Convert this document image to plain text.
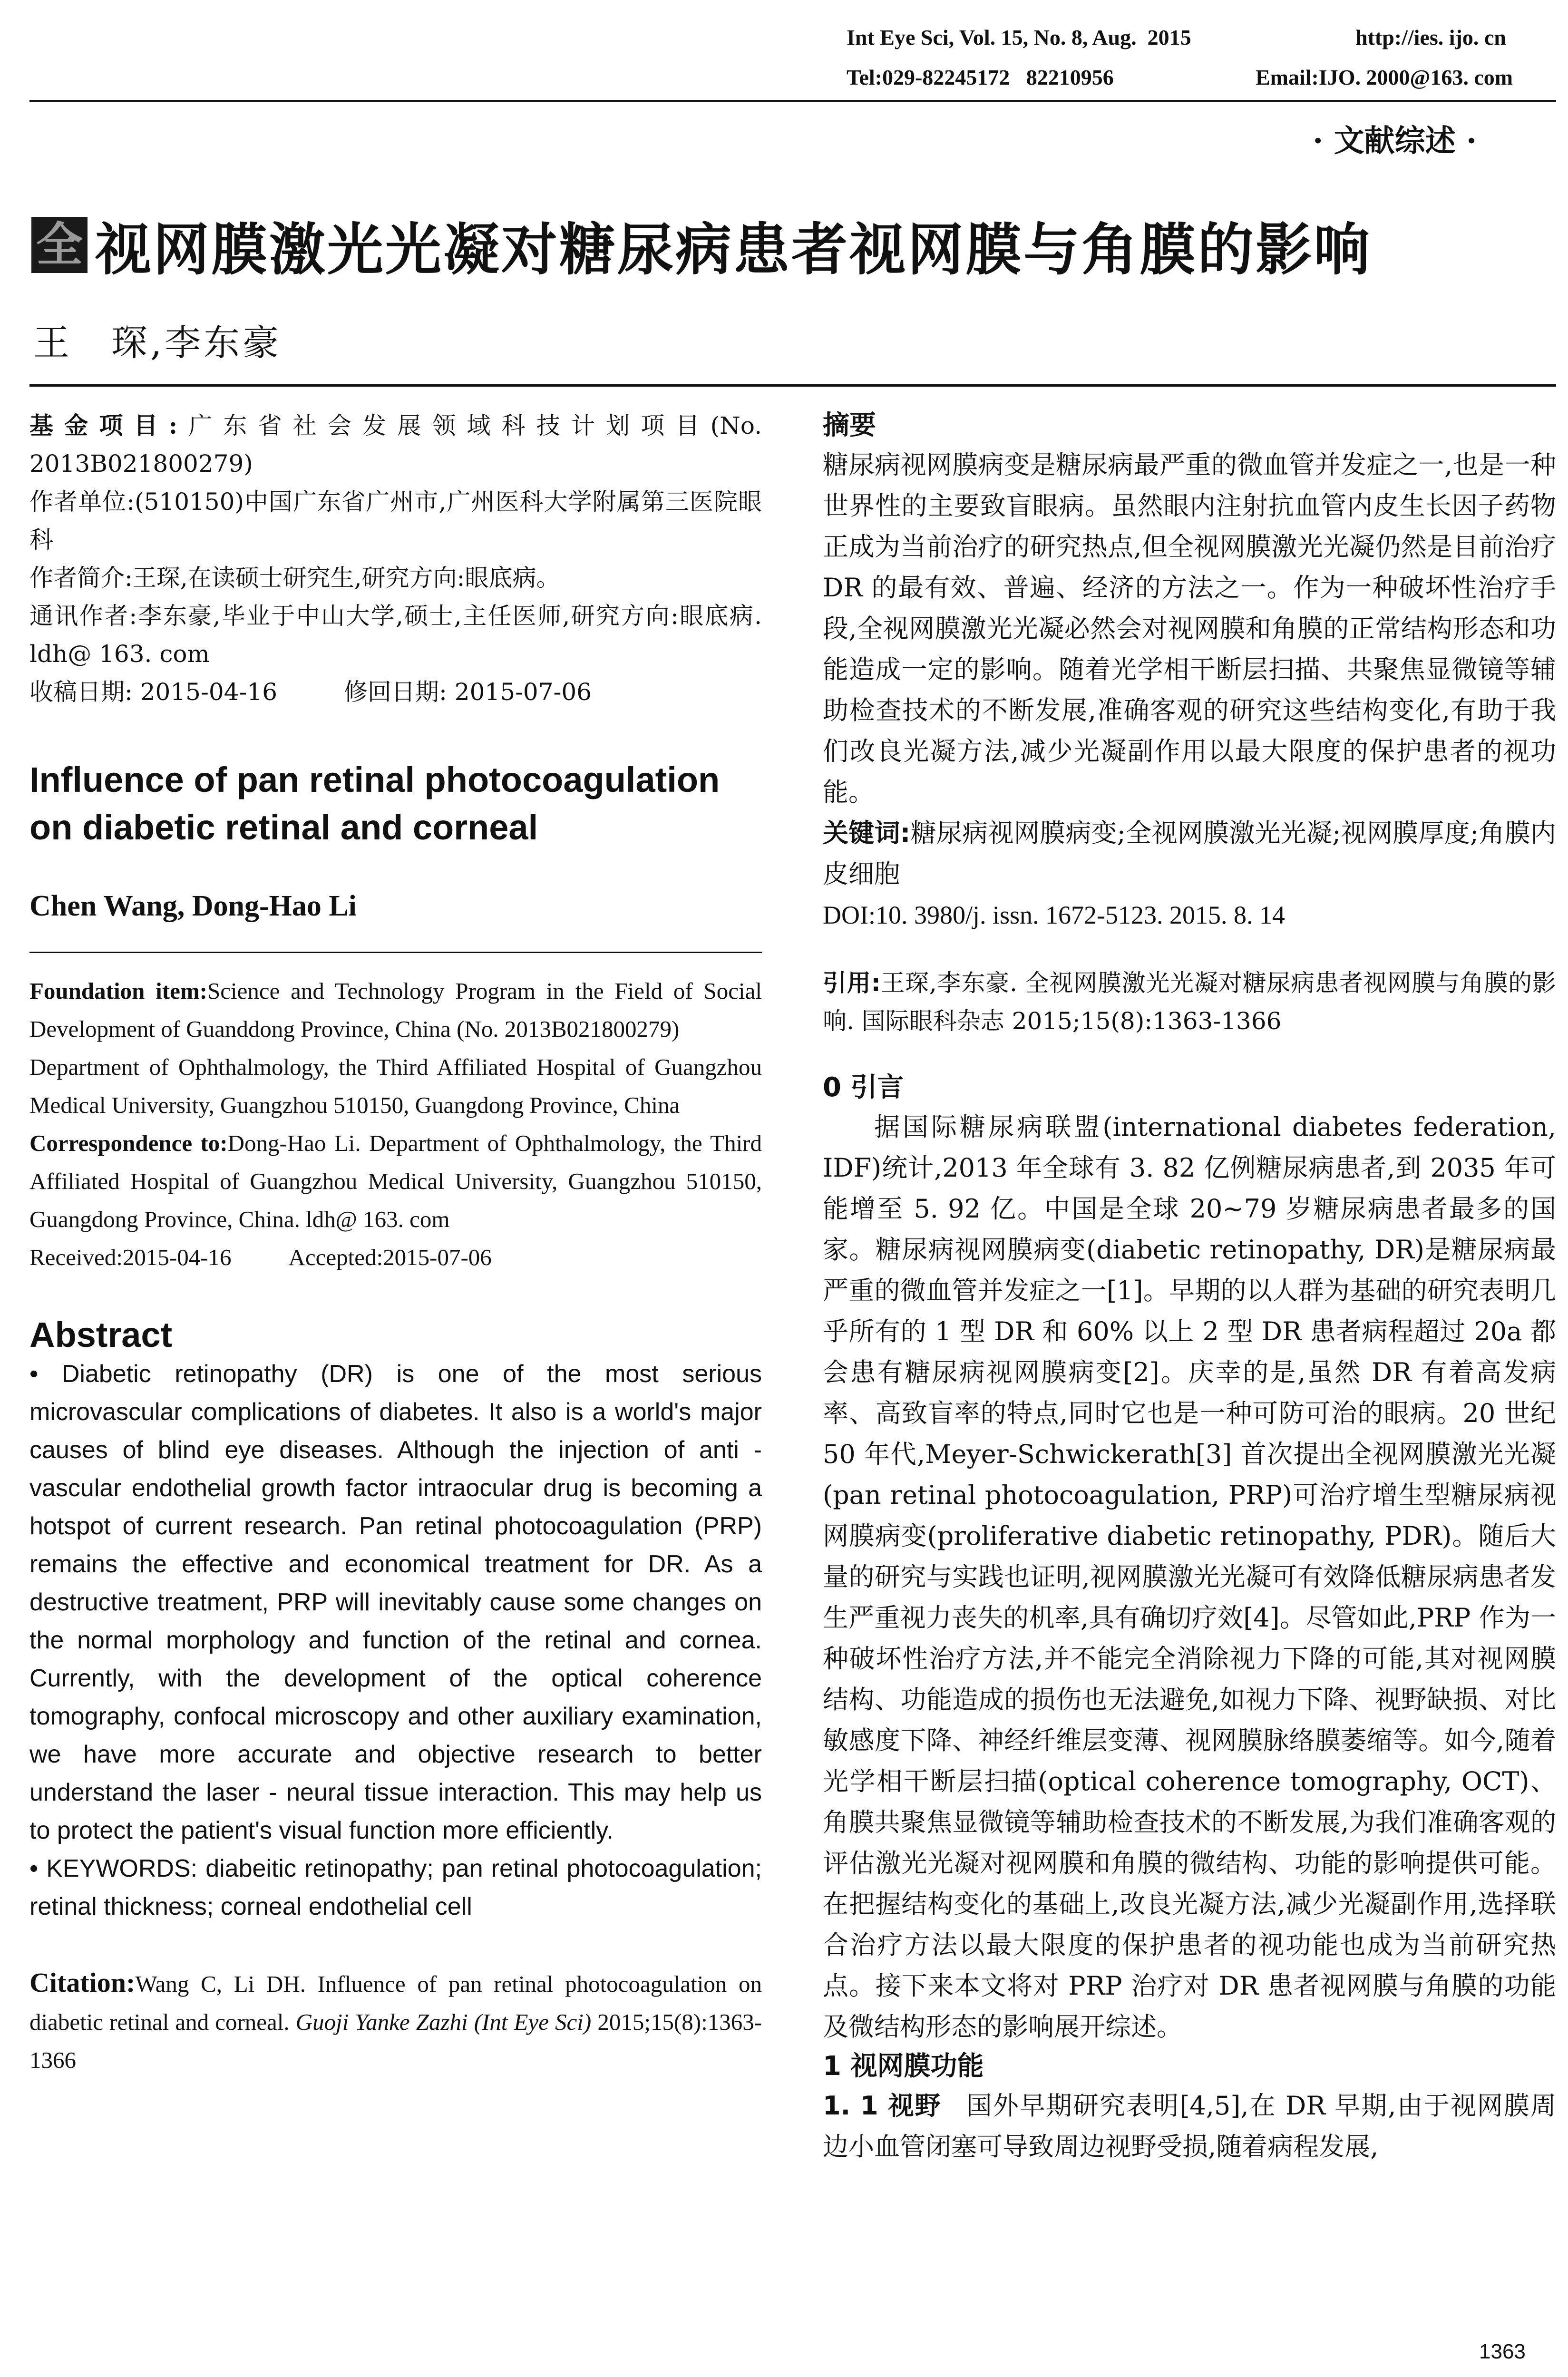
Int Eye Sci, Vol. 15, No. 8, Aug.  2015	http://ies. ijo. cn
Tel:029-82245172   82210956	Email:IJO. 2000@163. com
· 文献综述 ·
全 视网膜激光光凝对糖尿病患者视网膜与角膜的影响
王　琛,李东豪

基金项目:广东省社会发展领域科技计划项目(No. 2013B021800279)

作者单位:(510150)中国广东省广州市,广州医科大学附属第三医院眼科

作者简介:王琛,在读硕士研究生,研究方向:眼底病。

通讯作者:李东豪,毕业于中山大学,硕士,主任医师,研究方向:眼底病. ldh@ 163. com

收稿日期: 2015-04-16	修回日期: 2015-07-06

Influence of pan retinal photocoagulation on diabetic retinal and corneal

Chen Wang, Dong-Hao Li

Foundation item:Science and Technology Program in the Field of Social Development of Guanddong Province, China (No. 2013B021800279)

Department of Ophthalmology, the Third Affiliated Hospital of Guangzhou Medical University, Guangzhou 510150, Guangdong Province, China

Correspondence to:Dong-Hao Li. Department of Ophthalmology, the Third Affiliated Hospital of Guangzhou Medical University, Guangzhou 510150, Guangdong Province, China. ldh@ 163. com

Received:2015-04-16 Accepted:2015-07-06

Abstract

• Diabetic retinopathy (DR) is one of the most serious microvascular complications of diabetes. It also is a world's major causes of blind eye diseases. Although the injection of anti - vascular endothelial growth factor intraocular drug is becoming a hotspot of current research. Pan retinal photocoagulation (PRP) remains the effective and economical treatment for DR. As a destructive treatment, PRP will inevitably cause some changes on the normal morphology and function of the retinal and cornea. Currently, with the development of the optical coherence tomography, confocal microscopy and other auxiliary examination, we have more accurate and objective research to better understand the laser - neural tissue interaction. This may help us to protect the patient's visual function more efficiently.

• KEYWORDS: diabeitic retinopathy; pan retinal photocoagulation; retinal thickness; corneal endothelial cell

Citation:Wang C, Li DH. Influence of pan retinal photocoagulation on diabetic retinal and corneal. Guoji Yanke Zazhi (Int Eye Sci) 2015;15(8):1363-1366

摘要

糖尿病视网膜病变是糖尿病最严重的微血管并发症之一,也是一种世界性的主要致盲眼病。虽然眼内注射抗血管内皮生长因子药物正成为当前治疗的研究热点,但全视网膜激光光凝仍然是目前治疗 DR 的最有效、普遍、经济的方法之一。作为一种破坏性治疗手段,全视网膜激光光凝必然会对视网膜和角膜的正常结构形态和功能造成一定的影响。随着光学相干断层扫描、共聚焦显微镜等辅助检查技术的不断发展,准确客观的研究这些结构变化,有助于我们改良光凝方法,减少光凝副作用以最大限度的保护患者的视功能。

关键词:糖尿病视网膜病变;全视网膜激光光凝;视网膜厚度;角膜内皮细胞

DOI:10. 3980/j. issn. 1672-5123. 2015. 8. 14

引用:王琛,李东豪. 全视网膜激光光凝对糖尿病患者视网膜与角膜的影响. 国际眼科杂志 2015;15(8):1363-1366

0 引言

据国际糖尿病联盟(international diabetes federation, IDF)统计,2013 年全球有 3. 82 亿例糖尿病患者,到 2035 年可能增至 5. 92 亿。中国是全球 20~79 岁糖尿病患者最多的国家。糖尿病视网膜病变(diabetic retinopathy, DR)是糖尿病最严重的微血管并发症之一[1]。早期的以人群为基础的研究表明几乎所有的 1 型 DR 和 60% 以上 2 型 DR 患者病程超过 20a 都会患有糖尿病视网膜病变[2]。庆幸的是,虽然 DR 有着高发病率、高致盲率的特点,同时它也是一种可防可治的眼病。20 世纪 50 年代,Meyer-Schwickerath[3] 首次提出全视网膜激光光凝(pan retinal photocoagulation, PRP)可治疗增生型糖尿病视网膜病变(proliferative diabetic retinopathy, PDR)。随后大量的研究与实践也证明,视网膜激光光凝可有效降低糖尿病患者发生严重视力丧失的机率,具有确切疗效[4]。尽管如此,PRP 作为一种破坏性治疗方法,并不能完全消除视力下降的可能,其对视网膜结构、功能造成的损伤也无法避免,如视力下降、视野缺损、对比敏感度下降、神经纤维层变薄、视网膜脉络膜萎缩等。如今,随着光学相干断层扫描(optical coherence tomography, OCT)、角膜共聚焦显微镜等辅助检查技术的不断发展,为我们准确客观的评估激光光凝对视网膜和角膜的微结构、功能的影响提供可能。在把握结构变化的基础上,改良光凝方法,减少光凝副作用,选择联合治疗方法以最大限度的保护患者的视功能也成为当前研究热点。接下来本文将对 PRP 治疗对 DR 患者视网膜与角膜的功能及微结构形态的影响展开综述。

1 视网膜功能

1. 1 视野 国外早期研究表明[4,5],在 DR 早期,由于视网膜周边小血管闭塞可导致周边视野受损,随着病程发展,

1363
